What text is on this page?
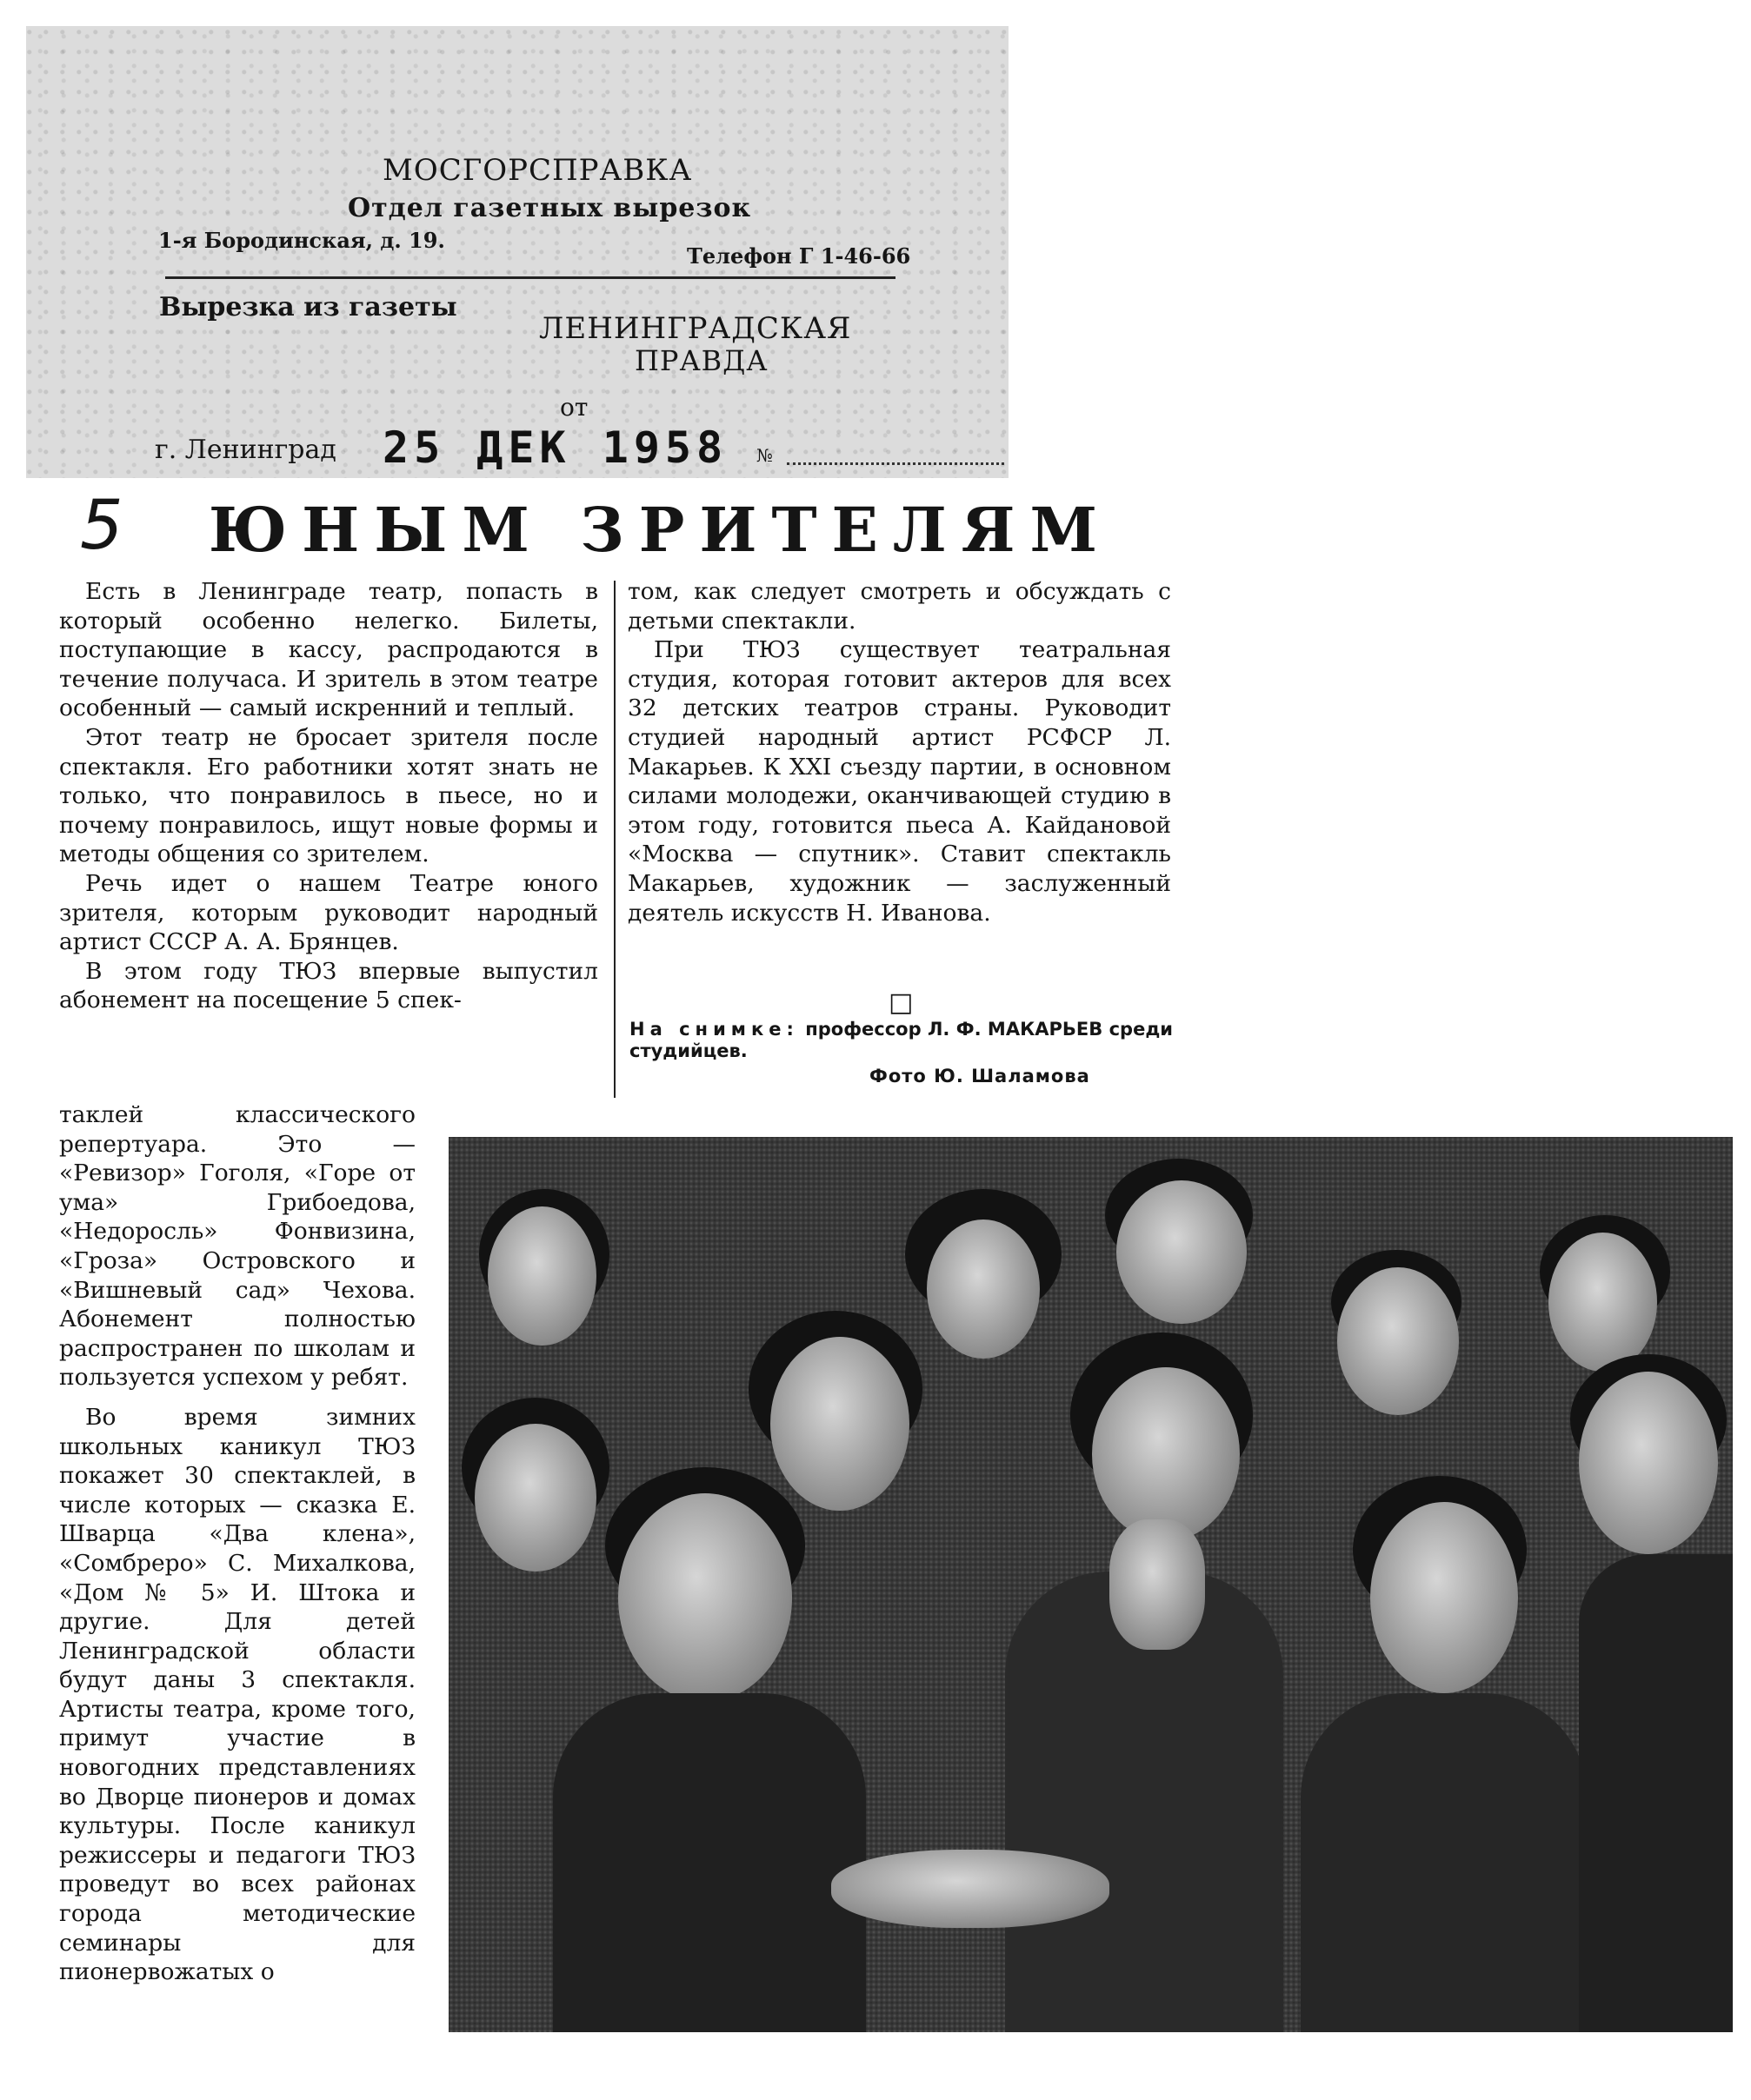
МОСГОРСПРАВКА
Отдел газетных вырезок
1-я Бородинская, д. 19.
Телефон Г 1-46-66
Вырезка из газеты
ЛЕНИНГРАДСКАЯ
ПРАВДА
от
г. Ленинград 25 ДЕК 1958 №
5 ЮНЫМ ЗРИТЕЛЯМ

Есть в Ленинграде театр, попасть в который особенно нелегко. Билеты, поступающие в кассу, распродаются в течение получаса. И зритель в этом театре особенный — самый искренний и теплый.

Этот театр не бросает зрителя после спектакля. Его работники хотят знать не только, что понравилось в пьесе, но и почему понравилось, ищут новые формы и методы общения со зрителем.

Речь идет о нашем Театре юного зрителя, которым руководит народный артист СССР А. А. Брянцев.

В этом году ТЮЗ впервые выпустил абонемент на посещение 5 спек-

том, как следует смотреть и обсуждать с детьми спектакли.

При ТЮЗ существует театральная студия, которая готовит актеров для всех 32 детских театров страны. Руководит студией народный артист РСФСР Л. Макарьев. К XXI съезду партии, в основном силами молодежи, оканчивающей студию в этом году, готовится пьеса А. Кайдановой «Москва — спутник». Ставит спектакль Макарьев, художник — заслуженный деятель искусств Н. Иванова.

□
На снимке: профессор Л. Ф. МАКАРЬЕВ среди студийцев.
Фото Ю. Шаламова

таклей классического репертуара. Это — «Ревизор» Гоголя, «Горе от ума» Грибоедова, «Недоросль» Фонвизина, «Гроза» Островского и «Вишневый сад» Чехова. Абонемент полностью распространен по школам и пользуется успехом у ребят.

Во время зимних школьных каникул ТЮЗ покажет 30 спектаклей, в числе которых — сказка Е. Шварца «Два клена», «Сомбреро» С. Михалкова, «Дом № 5» И. Штока и другие. Для детей Ленинградской области будут даны 3 спектакля. Артисты театра, кроме того, примут участие в новогодних представлениях во Дворце пионеров и домах культуры. После каникул режиссеры и педагоги ТЮЗ проведут во всех районах города методические семинары для пионервожатых о
